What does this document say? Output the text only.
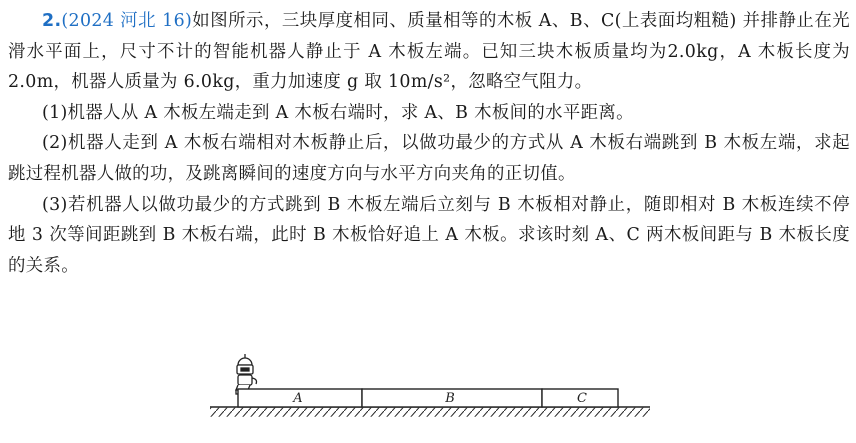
2.(2024 河北 16)如图所示，三块厚度相同、质量相等的木板 A、B、C(上表面均粗糙) 并排静止在光滑水平面上，尺寸不计的智能机器人静止于 A 木板左端。已知三块木板质量均为2.0kg，A 木板长度为 2.0m，机器人质量为 6.0kg，重力加速度 g 取 10m/s²，忽略空气阻力。

(1)机器人从 A 木板左端走到 A 木板右端时，求 A、B 木板间的水平距离。

(2)机器人走到 A 木板右端相对木板静止后，以做功最少的方式从 A 木板右端跳到 B 木板左端，求起跳过程机器人做的功，及跳离瞬间的速度方向与水平方向夹角的正切值。

(3)若机器人以做功最少的方式跳到 B 木板左端后立刻与 B 木板相对静止，随即相对 B 木板连续不停地 3 次等间距跳到 B 木板右端，此时 B 木板恰好追上 A 木板。求该时刻 A、C 两木板间距与 B 木板长度的关系。

A	B	C
